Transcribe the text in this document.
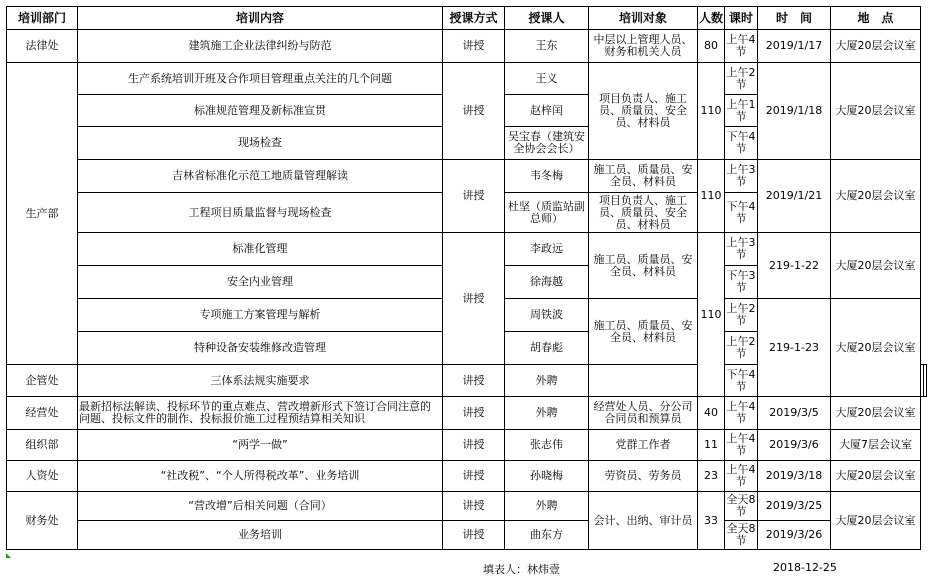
培训部门	培训内容	授课方式	授课人	培训对象	人数	课时	时　间	地　点		
法律处	建筑施工企业法律纠纷与防范	讲授	王东	中层以上管理人员、财务和机关人员	80	上午4节	2019/1/17	大厦20层会议室		
生产部	生产系统培训开班及合作项目管理重点关注的几个问题	讲授	王义	项目负责人、施工员、质量员、安全员、材料员	110	上午2节	2019/1/18	大厦20层会议室		
	标准规范管理及新标准宣贯		赵梓闰			上午1节				
	现场检查		吴宝春（建筑安全协会会长）			下午4节				
	吉林省标准化示范工地质量管理解读	讲授	韦冬梅	施工员、质量员、安全员、材料员	110	上午3节	2019/1/21	大厦20层会议室		
	工程项目质量监督与现场检查		杜坚（质监站副总师）	项目负责人、施工员、质量员、安全员、材料员		下午4节				
	标准化管理	讲授	李政远	施工员、质量员、安全员、材料员	110	上午3节	219-1-22	大厦20层会议室		
	安全内业管理		徐海越			下午3节				
	专项施工方案管理与解析		周铁波	施工员、质量员、安全员、材料员		上午2节	219-1-23	大厦20层会议室		
	特种设备安装维修改造管理		胡春彪			上午2节				
企管处	三体系法规实施要求	讲授	外聘			下午4节				
经营处	最新招标法解读、投标环节的重点难点、营改增新形式下签订合同注意的问题、投标文件的制作、投标报价施工过程预结算相关知识	讲授	外聘	经营处人员、分公司合同员和预算员	40	上午4节	2019/3/5	大厦20层会议室		
组织部	“两学一做”	讲授	张志伟	党群工作者	11	上午4节	2019/3/6	大厦7层会议室		
人资处	“社改税”、“个人所得税改革”、业务培训	讲授	孙晓梅	劳资员、劳务员	23	上午4节	2019/3/18	大厦20层会议室		
财务处	“营改增”后相关问题（合同）	讲授	外聘	会计、出纳、审计员	33	全天8节	2019/3/25	大厦20层会议室		
	业务培训	讲授	曲东方			全天8节	2019/3/26			
填表人：林炜壹	2018-12-25
